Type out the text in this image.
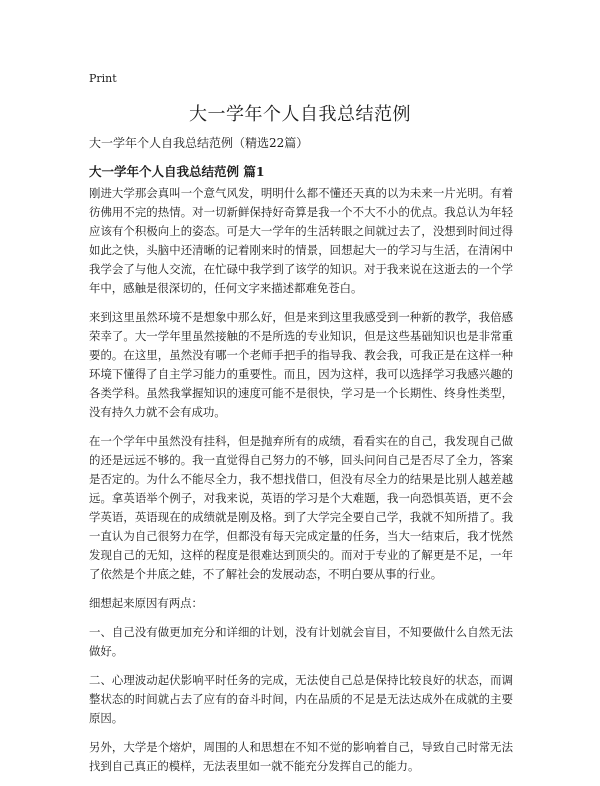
Print
大一学年个人自我总结范例

大一学年个人自我总结范例（精选22篇）

大一学年个人自我总结范例 篇1

刚进大学那会真叫一个意气风发，明明什么都不懂还天真的以为未来一片光明。有着彷佛用不完的热情。对一切新鲜保持好奇算是我一个不大不小的优点。我总认为年轻应该有个积极向上的姿态。可是大一学年的生活转眼之间就过去了，没想到时间过得如此之快，头脑中还清晰的记着刚来时的情景，回想起大一的学习与生活，在清闲中我学会了与他人交流，在忙碌中我学到了该学的知识。对于我来说在这逝去的一个学年中，感触是很深切的，任何文字来描述都难免苍白。

来到这里虽然环境不是想象中那么好，但是来到这里我感受到一种新的教学，我倍感荣幸了。大一学年里虽然接触的不是所选的专业知识，但是这些基础知识也是非常重要的。在这里，虽然没有哪一个老师手把手的指导我、教会我，可我正是在这样一种环境下懂得了自主学习能力的重要性。而且，因为这样，我可以选择学习我感兴趣的各类学科。虽然我掌握知识的速度可能不是很快，学习是一个长期性、终身性类型，没有持久力就不会有成功。

在一个学年中虽然没有挂科，但是抛弃所有的成绩，看看实在的自己，我发现自己做的还是远远不够的。我一直觉得自己努力的不够，回头问问自己是否尽了全力，答案是否定的。为什么不能尽全力，我不想找借口，但没有尽全力的结果是比别人越差越远。拿英语举个例子，对我来说，英语的学习是个大难题，我一向恐惧英语，更不会学英语，英语现在的成绩就是刚及格。到了大学完全要自己学，我就不知所措了。我一直认为自己很努力在学，但都没有每天完成定量的任务，当大一结束后，我才恍然发现自己的无知，这样的程度是很难达到顶尖的。而对于专业的了解更是不足，一年了依然是个井底之蛙，不了解社会的发展动态，不明白要从事的行业。

细想起来原因有两点：

一、自己没有做更加充分和详细的计划，没有计划就会盲目，不知要做什么自然无法做好。

二、心理波动起伏影响平时任务的完成，无法使自己总是保持比较良好的状态，而调整状态的时间就占去了应有的奋斗时间，内在品质的不足是无法达成外在成就的主要原因。

另外，大学是个熔炉，周围的人和思想在不知不觉的影响着自己，导致自己时常无法找到自己真正的模样，无法表里如一就不能充分发挥自己的能力。
